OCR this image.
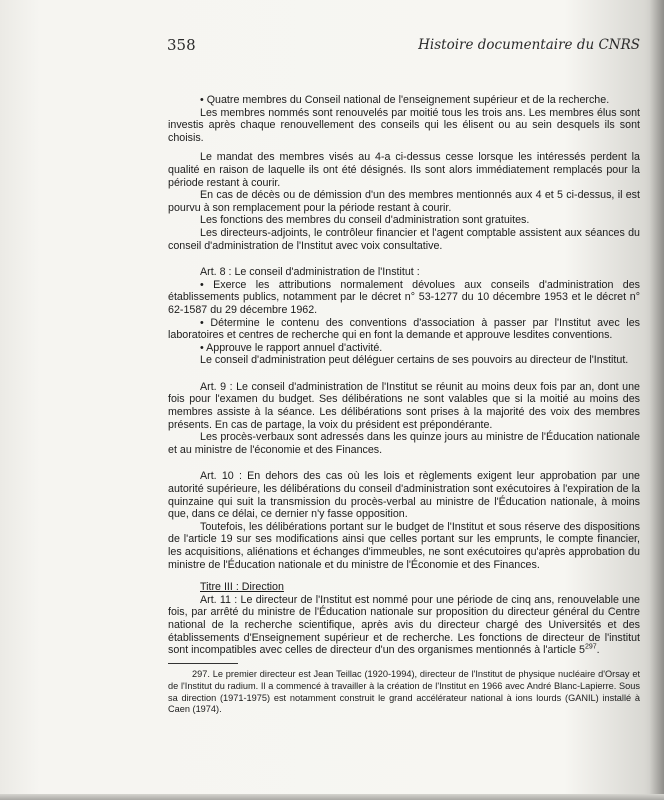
358	Histoire documentaire du CNRS

• Quatre membres du Conseil national de l'enseignement supérieur et de la recherche.

Les membres nommés sont renouvelés par moitié tous les trois ans. Les membres élus sont investis après chaque renouvellement des conseils qui les élisent ou au sein desquels ils sont choisis.

Le mandat des membres visés au 4-a ci-dessus cesse lorsque les intéressés perdent la qualité en raison de laquelle ils ont été désignés. Ils sont alors immédiatement remplacés pour la période restant à courir.

En cas de décès ou de démission d'un des membres mentionnés aux 4 et 5 ci-dessus, il est pourvu à son remplacement pour la période restant à courir.

Les fonctions des membres du conseil d'administration sont gratuites.

Les directeurs-adjoints, le contrôleur financier et l'agent comptable assistent aux séances du conseil d'administration de l'Institut avec voix consultative.

Art. 8 : Le conseil d'administration de l'Institut :

• Exerce les attributions normalement dévolues aux conseils d'administration des établissements publics, notamment par le décret n° 53-1277 du 10 décembre 1953 et le décret n° 62-1587 du 29 décembre 1962.

• Détermine le contenu des conventions d'association à passer par l'Institut avec les laboratoires et centres de recherche qui en font la demande et approuve lesdites conventions.

• Approuve le rapport annuel d'activité.

Le conseil d'administration peut déléguer certains de ses pouvoirs au directeur de l'Institut.

Art. 9 : Le conseil d'administration de l'Institut se réunit au moins deux fois par an, dont une fois pour l'examen du budget. Ses délibérations ne sont valables que si la moitié au moins des membres assiste à la séance. Les délibérations sont prises à la majorité des voix des membres présents. En cas de partage, la voix du président est prépondérante.

Les procès-verbaux sont adressés dans les quinze jours au ministre de l'Éducation nationale et au ministre de l'économie et des Finances.

Art. 10 : En dehors des cas où les lois et règlements exigent leur approbation par une autorité supérieure, les délibérations du conseil d'administration sont exécutoires à l'expiration de la quinzaine qui suit la transmission du procès-verbal au ministre de l'Éducation nationale, à moins que, dans ce délai, ce dernier n'y fasse opposition.

Toutefois, les délibérations portant sur le budget de l'Institut et sous réserve des dispositions de l'article 19 sur ses modifications ainsi que celles portant sur les emprunts, le compte financier, les acquisitions, aliénations et échanges d'immeubles, ne sont exécutoires qu'après approbation du ministre de l'Éducation nationale et du ministre de l'Économie et des Finances.

Titre III : Direction

Art. 11 : Le directeur de l'Institut est nommé pour une période de cinq ans, renouvelable une fois, par arrêté du ministre de l'Éducation nationale sur proposition du directeur général du Centre national de la recherche scientifique, après avis du directeur chargé des Universités et des établissements d'Enseignement supérieur et de recherche. Les fonctions de directeur de l'institut sont incompatibles avec celles de directeur d'un des organismes mentionnés à l'article $5^{297}$.

297. Le premier directeur est Jean Teillac (1920-1994), directeur de l'Institut de physique nucléaire d'Orsay et de l'Institut du radium. Il a commencé à travailler à la création de l'Institut en 1966 avec André Blanc-Lapierre. Sous sa direction (1971-1975) est notamment construit le grand accélérateur national à ions lourds (GANIL) installé à Caen (1974).
